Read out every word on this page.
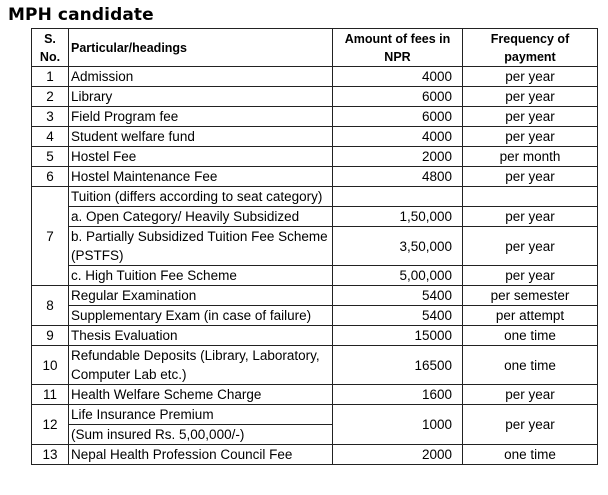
MPH candidate
S. No.	Particular/headings	Amount of fees in NPR	Frequency of payment
1	Admission	4000	per year
2	Library	6000	per year
3	Field Program fee	6000	per year
4	Student welfare fund	4000	per year
5	Hostel Fee	2000	per month
6	Hostel Maintenance Fee	4800	per year
7	Tuition (differs according to seat category)		
	a. Open Category/ Heavily Subsidized	1,50,000	per year
	b. Partially Subsidized Tuition Fee Scheme (PSTFS)	3,50,000	per year
	c. High Tuition Fee Scheme	5,00,000	per year
8	Regular Examination	5400	per semester
	Supplementary Exam (in case of failure)	5400	per attempt
9	Thesis Evaluation	15000	one time
10	Refundable Deposits (Library, Laboratory, Computer Lab etc.)	16500	one time
11	Health Welfare Scheme Charge	1600	per year
12	Life Insurance Premium	1000	per year
	(Sum insured Rs. 5,00,000/-)		
13	Nepal Health Profession Council Fee	2000	one time
